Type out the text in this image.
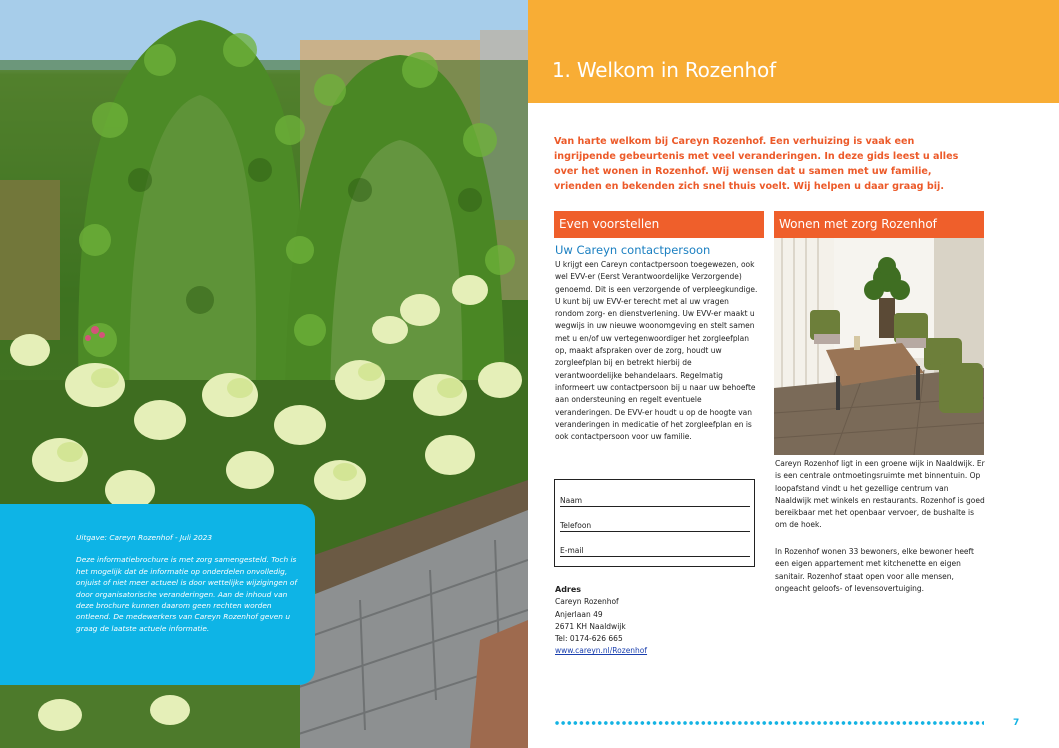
Uitgave: Careyn Rozenhof - Juli 2023

Deze informatiebrochure is met zorg samengesteld. Toch is het mogelijk dat de informatie op onderdelen onvolledig, onjuist of niet meer actueel is door wettelijke wijzigingen of door organisatorische veranderingen. Aan de inhoud van deze brochure kunnen daarom geen rechten worden ontleend. De medewerkers van Careyn Rozenhof geven u graag de laatste actuele informatie.

1. Welkom in Rozenhof

Van harte welkom bij Careyn Rozenhof. Een verhuizing is vaak een ingrijpende gebeurtenis met veel veranderingen. In deze gids leest u alles over het wonen in Rozenhof. Wij wensen dat u samen met uw familie, vrienden en bekenden zich snel thuis voelt. Wij helpen u daar graag bij.

Even voorstellen
Uw Careyn contactpersoon

U krijgt een Careyn contactpersoon toegewezen, ook wel EVV-er (Eerst Verantwoordelijke Verzorgende) genoemd. Dit is een verzorgende of verpleegkundige. U kunt bij uw EVV-er terecht met al uw vragen rondom zorg- en dienstverlening. Uw EVV-er maakt u wegwijs in uw nieuwe woonomgeving en stelt samen met u en/of uw vertegenwoordiger het zorgleefplan op, maakt afspraken over de zorg, houdt uw zorgleefplan bij en betrekt hierbij de verantwoordelijke behandelaars. Regelmatig informeert uw contactpersoon bij u naar uw behoefte aan ondersteuning en regelt eventuele veranderingen. De EVV-er houdt u op de hoogte van veranderingen in medicatie of het zorgleefplan en is ook contactpersoon voor uw familie.

Naam
Telefoon
E-mail
Adres
Careyn Rozenhof
Anjerlaan 49
2671 KH Naaldwijk
Tel: 0174-626 665
www.careyn.nl/Rozenhof
Wonen met zorg Rozenhof

Careyn Rozenhof ligt in een groene wijk in Naaldwijk. Er is een centrale ontmoetingsruimte met binnentuin. Op loopafstand vindt u het gezellige centrum van Naaldwijk met winkels en restaurants. Rozenhof is goed bereikbaar met het openbaar vervoer, de bushalte is om de hoek.

In Rozenhof wonen 33 bewoners, elke bewoner heeft een eigen appartement met kitchenette en eigen sanitair. Rozenhof staat open voor alle mensen, ongeacht geloofs- of levensovertuiging.

7
